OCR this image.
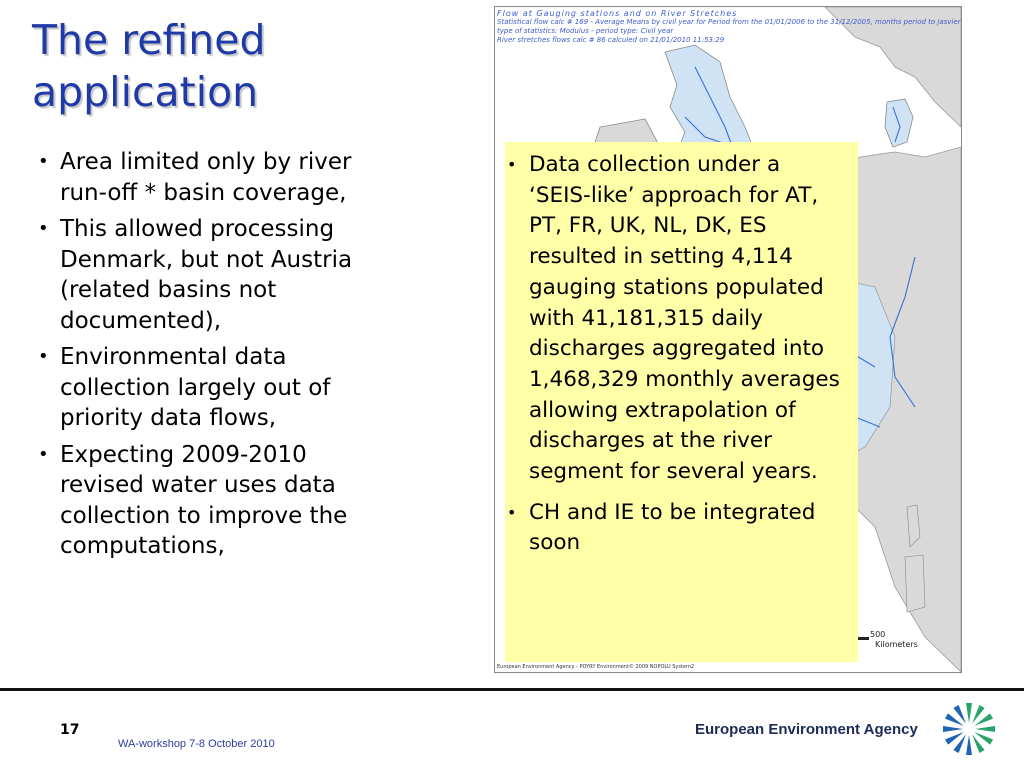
The refined
application
• Area limited only by river run-off * basin coverage,
• This allowed processing Denmark, but not Austria (related basins not documented),
• Environmental data collection largely out of priority data flows,
• Expecting 2009-2010 revised water uses data collection to improve the computations,
Flow at Gauging stations and on River Stretches
Statistical flow calc # 169 - Average Means by civil year for Period from the 01/01/2006 to the 31/12/2005, months period to jasvier
type of statistics: Modulus - period type: Civil year
River stretches flows calc # 86 calculed on 21/01/2010 11:53:29
500
Kilometers
European Environment Agency - POYRY Environment© 2009 NOPOLU System2
• Data collection under a ‘SEIS-like’ approach for AT, PT, FR, UK, NL, DK, ES resulted in setting 4,114 gauging stations populated with 41,181,315 daily discharges aggregated into 1,468,329 monthly averages allowing extrapolation of discharges at the river segment for several years.
• CH and IE to be integrated soon
17
WA-workshop 7-8 October 2010
European Environment Agency
